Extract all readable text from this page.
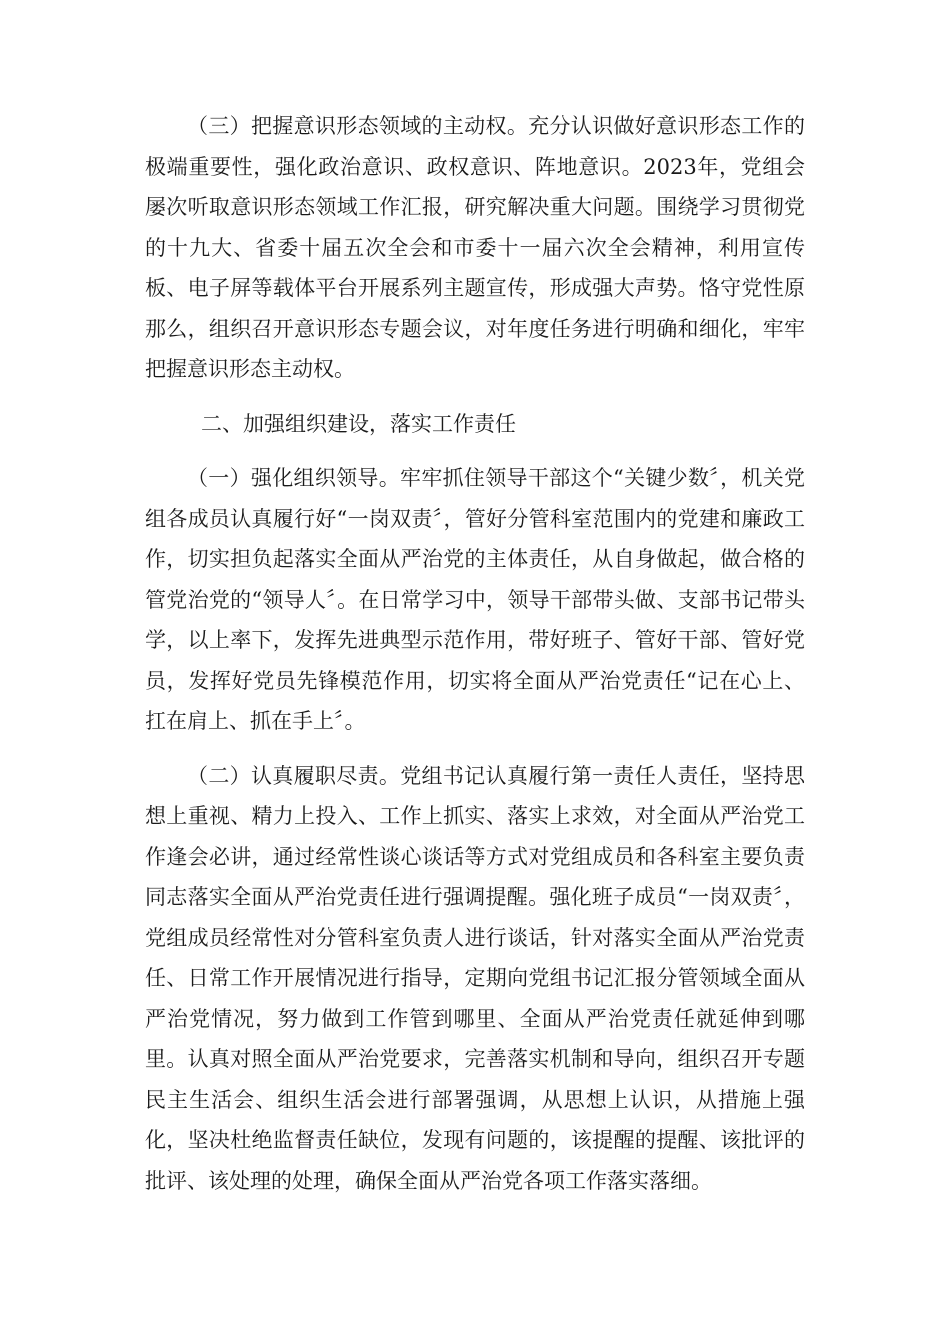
（三）把握意识形态领域的主动权。充分认识做好意识形态工作的极端重要性，强化政治意识、政权意识、阵地意识。2023年，党组会屡次听取意识形态领域工作汇报，研究解决重大问题。围绕学习贯彻党的十九大、省委十届五次全会和市委十一届六次全会精神，利用宣传板、电子屏等载体平台开展系列主题宣传，形成强大声势。恪守党性原那么，组织召开意识形态专题会议，对年度任务进行明确和细化，牢牢把握意识形态主动权。

二、加强组织建设，落实工作责任

（一）强化组织领导。牢牢抓住领导干部这个“关键少数〞，机关党组各成员认真履行好“一岗双责〞，管好分管科室范围内的党建和廉政工作，切实担负起落实全面从严治党的主体责任，从自身做起，做合格的管党治党的“领导人〞。在日常学习中，领导干部带头做、支部书记带头学，以上率下，发挥先进典型示范作用，带好班子、管好干部、管好党员，发挥好党员先锋模范作用，切实将全面从严治党责任“记在心上、扛在肩上、抓在手上〞。

（二）认真履职尽责。党组书记认真履行第一责任人责任，坚持思想上重视、精力上投入、工作上抓实、落实上求效，对全面从严治党工作逢会必讲，通过经常性谈心谈话等方式对党组成员和各科室主要负责同志落实全面从严治党责任进行强调提醒。强化班子成员“一岗双责〞，党组成员经常性对分管科室负责人进行谈话，针对落实全面从严治党责任、日常工作开展情况进行指导，定期向党组书记汇报分管领域全面从严治党情况，努力做到工作管到哪里、全面从严治党责任就延伸到哪里。认真对照全面从严治党要求，完善落实机制和导向，组织召开专题民主生活会、组织生活会进行部署强调，从思想上认识，从措施上强化，坚决杜绝监督责任缺位，发现有问题的，该提醒的提醒、该批评的批评、该处理的处理，确保全面从严治党各项工作落实落细。
